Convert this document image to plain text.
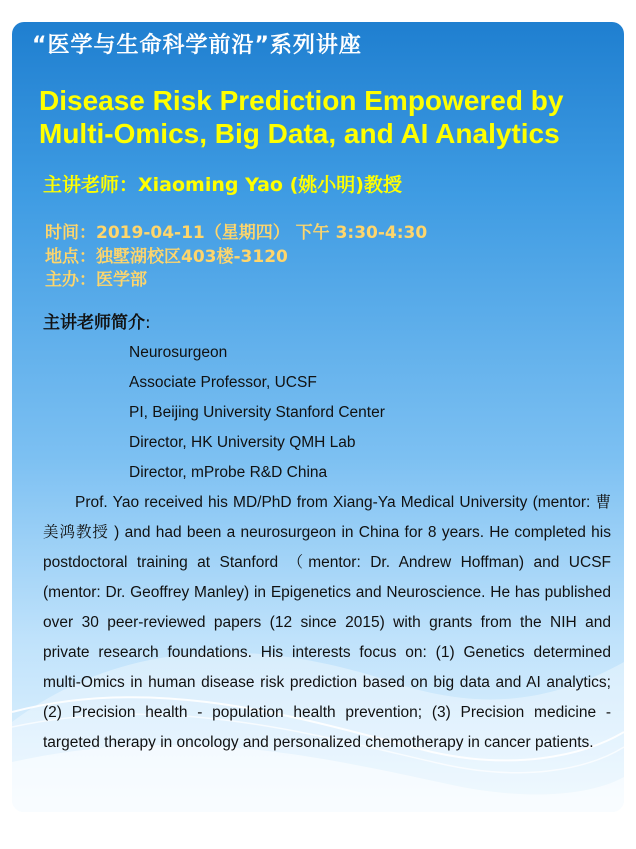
“医学与生命科学前沿”系列讲座
Disease Risk Prediction Empowered by Multi-Omics, Big Data, and AI Analytics
主讲老师：Xiaoming Yao (姚小明)教授
时间：2019-04-11（星期四） 下午 3:30-4:30
地点：独墅湖校区403楼-3120
主办：医学部
主讲老师简介:
Neurosurgeon
Associate Professor, UCSF
PI, Beijing University Stanford Center
Director, HK University QMH Lab
Director, mProbe R&D China
Prof. Yao received his MD/PhD from Xiang-Ya Medical University (mentor: 曹美鸿教授 ) and had been a neurosurgeon in China for 8 years. He completed his postdoctoral training at Stanford （mentor: Dr. Andrew Hoffman) and UCSF (mentor: Dr. Geoffrey Manley) in Epigenetics and Neuroscience. He has published over 30 peer-reviewed papers (12 since 2015) with grants from the NIH and private research foundations. His interests focus on: (1) Genetics determined multi-Omics in human disease risk prediction based on big data and AI analytics; (2) Precision health - population health prevention; (3) Precision medicine - targeted therapy in oncology and personalized chemotherapy in cancer patients.
